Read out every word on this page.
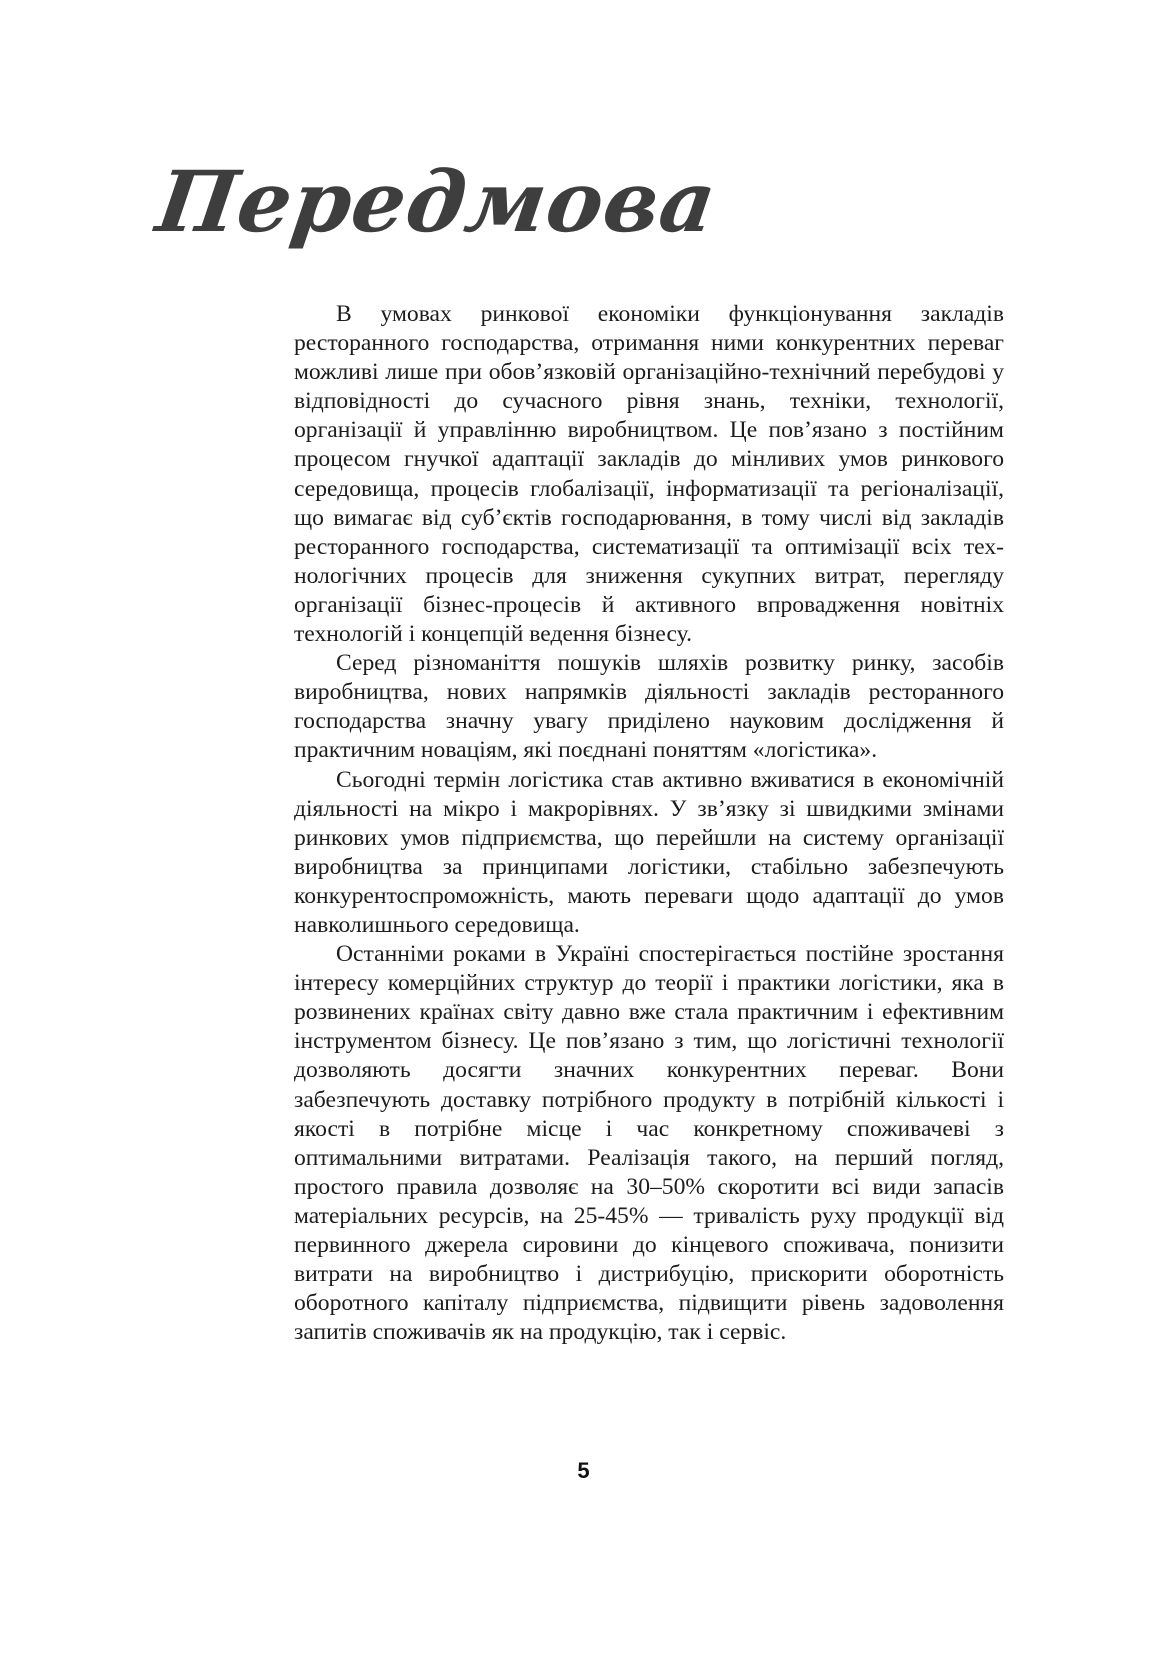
Передмова

В умовах ринкової економіки функціонування закладів ресторанного господарства, отримання ними конкурентних переваг можливі лише при обов’язковій організаційно-технічний перебудові у відповідності до сучасного рівня знань, техніки, технології, організації й управлінню виробництвом. Це пов’язано з постійним процесом гнучкої адаптації закладів до мінливих умов ринкового середовища, процесів глобалізації, інформатизації та регіоналізації, що вимагає від суб’єктів господарювання, в тому числі від закладів ресторанного господарства, систематизації та оптимізації всіх технологічних процесів для зниження сукупних витрат, перегляду організації бізнес-процесів й активного впровадження новітніх технологій і концепцій ведення бізнесу.

Серед різноманіття пошуків шляхів розвитку ринку, засобів виробництва, нових напрямків діяльності закладів ресторанного господарства значну увагу приділено науковим дослідження й практичним новаціям, які поєднані поняттям «логістика».

Сьогодні термін логістика став активно вживатися в економічній діяльності на мікро і макрорівнях. У зв’язку зі швидкими змінами ринкових умов підприємства, що перейшли на систему організації виробництва за принципами логістики, стабільно забезпечують конкурентоспроможність, мають переваги щодо адаптації до умов навколишнього середовища.

Останніми роками в Україні спостерігається постійне зростання інтересу комерційних структур до теорії і практики логістики, яка в розвинених країнах світу давно вже стала практичним і ефективним інструментом бізнесу. Це пов’язано з тим, що логістичні технології дозволяють досягти значних конкурентних переваг. Вони забезпечують доставку потрібного продукту в потрібній кількості і якості в потрібне місце і час конкретному споживачеві з оптимальними витратами. Реалізація такого, на перший погляд, простого правила дозволяє на 30–50% скоротити всі види запасів матеріальних ресурсів, на 25-45% — тривалість руху продукції від первинного джерела сировини до кінцевого споживача, понизити витрати на виробництво і дистрибуцію, прискорити оборотність оборотного капіталу підприємства, підвищити рівень задоволення запитів споживачів як на продукцію, так і сервіс.

5
